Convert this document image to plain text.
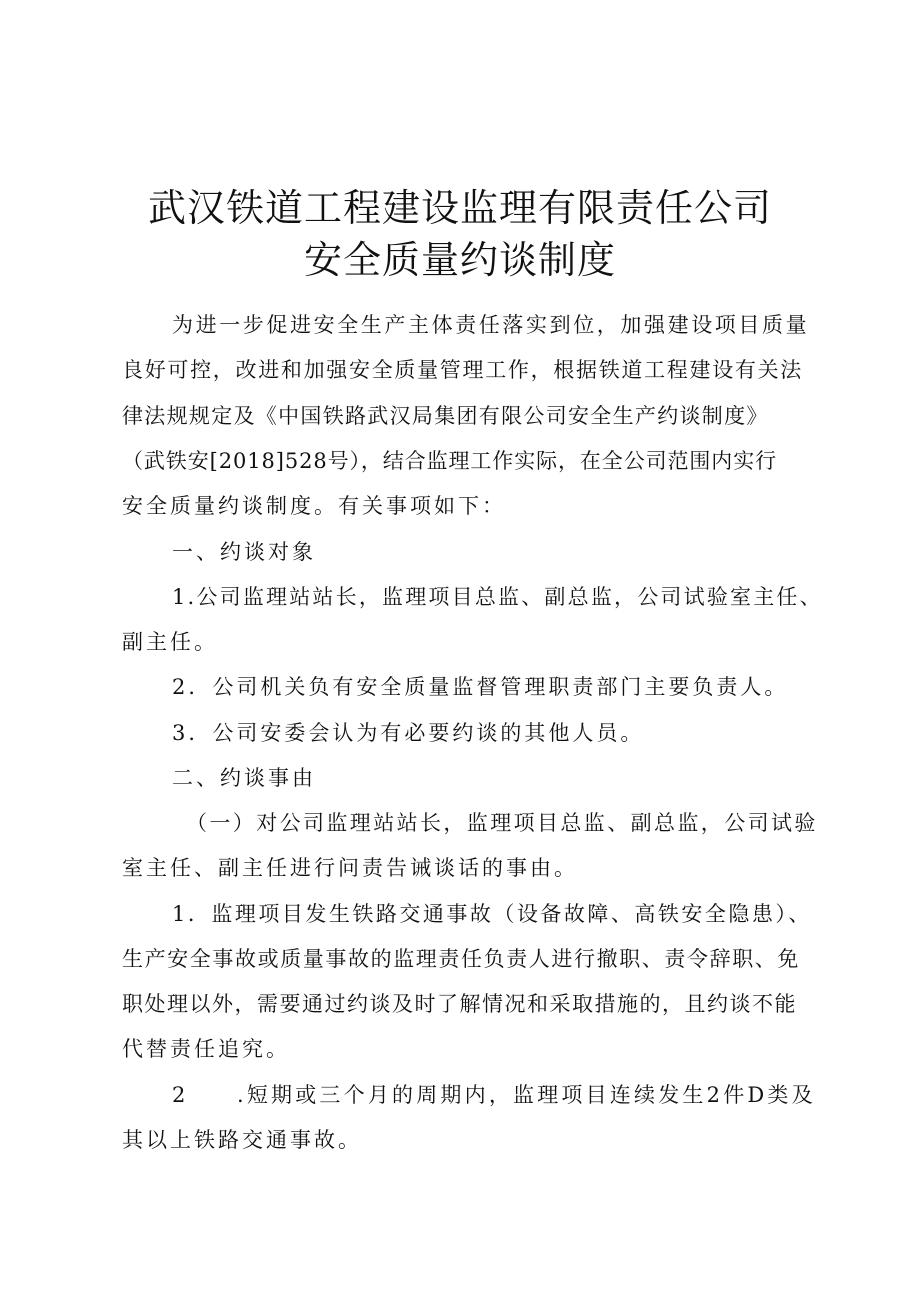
武汉铁道工程建设监理有限责任公司
安全质量约谈制度
为进一步促进安全生产主体责任落实到位，加强建设项目质量
良好可控，改进和加强安全质量管理工作，根据铁道工程建设有关法
律法规规定及《中国铁路武汉局集团有限公司安全生产约谈制度》
（武铁安[2018]528号），结合监理工作实际，在全公司范围内实行
安全质量约谈制度。有关事项如下：
一、约谈对象
1.公司监理站站长，监理项目总监、副总监，公司试验室主任、
副主任。
2．公司机关负有安全质量监督管理职责部门主要负责人。
3．公司安委会认为有必要约谈的其他人员。
二、约谈事由
（一）对公司监理站站长，监理项目总监、副总监，公司试验
室主任、副主任进行问责告诫谈话的事由。
1．监理项目发生铁路交通事故（设备故障、高铁安全隐患）、
生产安全事故或质量事故的监理责任负责人进行撤职、责令辞职、免
职处理以外，需要通过约谈及时了解情况和采取措施的，且约谈不能
代替责任追究。
2　　.短期或三个月的周期内，监理项目连续发生2件D类及
其以上铁路交通事故。
